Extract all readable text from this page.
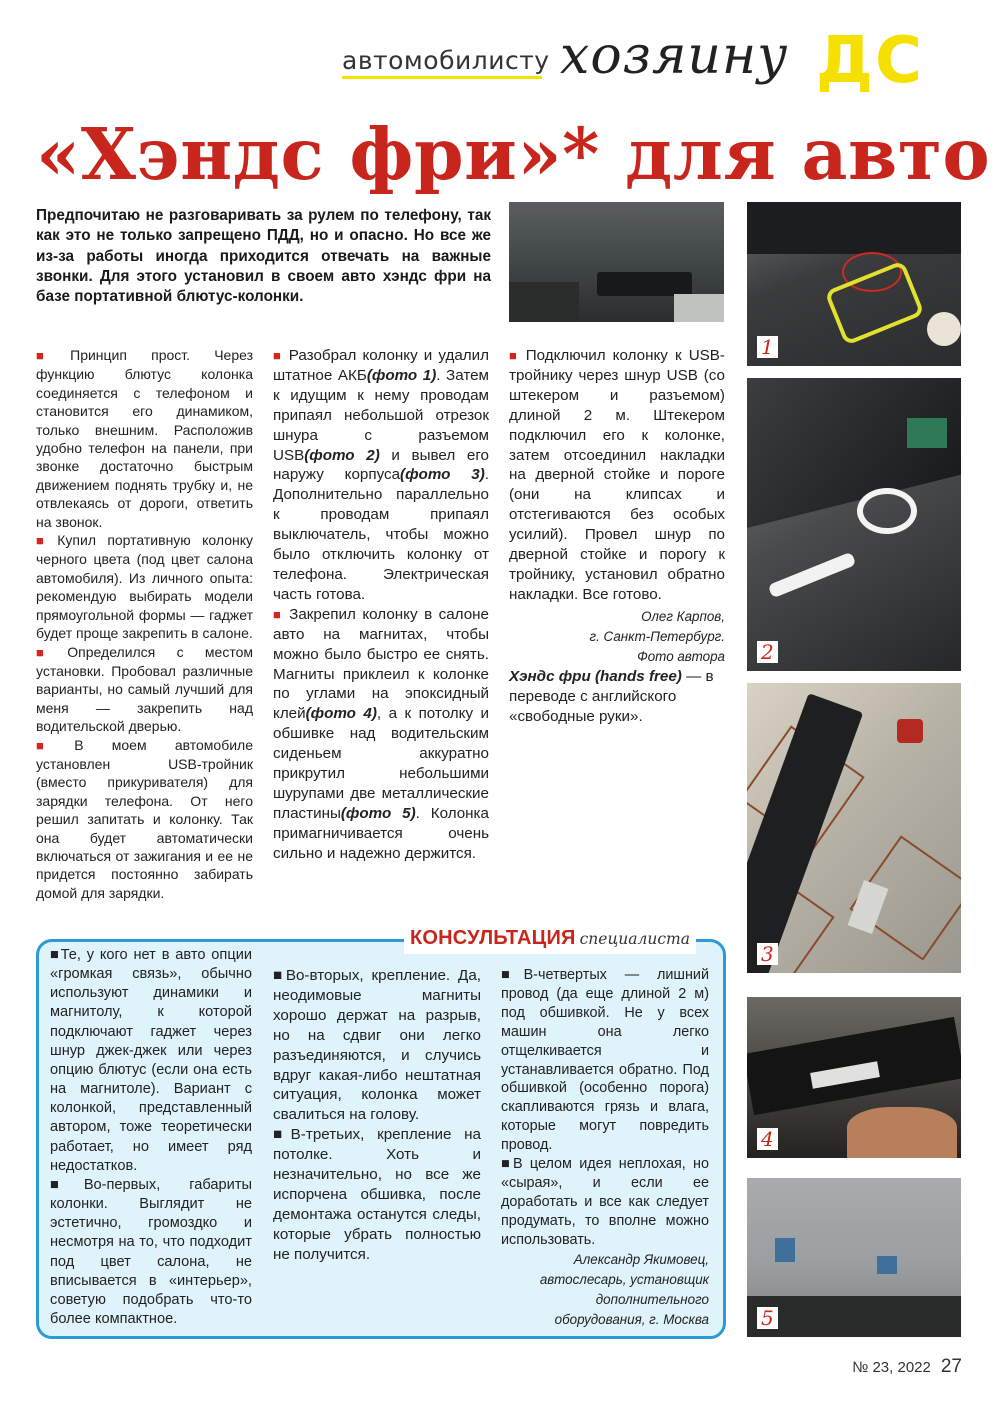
автомобилисту хозяину ДС
«Хэндс фри»* для авто
Предпочитаю не разговаривать за рулем по телефону, так как это не только запрещено ПДД, но и опасно. Но все же из-за работы иногда приходится отвечать на важные звонки. Для этого установил в своем авто хэндс фри на базе портативной блютус-колонки.
1
2
3
4
5

■ Принцип прост. Через функцию блютус колонка соединяется с телефоном и становится его динамиком, только внешним. Расположив удобно телефон на панели, при звонке достаточно быстрым движением поднять трубку и, не отвлекаясь от дороги, ответить на звонок.

■ Купил портативную колонку черного цвета (под цвет салона автомобиля). Из личного опыта: рекомендую выбирать модели прямоугольной формы — гаджет будет проще закрепить в салоне.

■ Определился с местом установки. Пробовал различные варианты, но самый лучший для меня — закрепить над водительской дверью.

■ В моем автомобиле установлен USB-тройник (вместо прикуривателя) для зарядки телефона. От него решил запитать и колонку. Так она будет автоматически включаться от зажигания и ее не придется постоянно забирать домой для зарядки.

■ Разобрал колонку и удалил штатное АКБ(фото 1). Затем к идущим к нему проводам припаял небольшой отрезок шнура с разъемом USB(фото 2) и вывел его наружу корпуса(фото 3). Дополнительно параллельно к проводам припаял выключатель, чтобы можно было отключить колонку от телефона. Электрическая часть готова.

■ Закрепил колонку в салоне авто на магнитах, чтобы можно было быстро ее снять. Магниты приклеил к колонке по углами на эпоксидный клей(фото 4), а к потолку и обшивке над водительским сиденьем аккуратно прикрутил небольшими шурупами две металлические пластины(фото 5). Колонка примагничивается очень сильно и надежно держится.

■ Подключил колонку к USB-тройнику через шнур USB (со штекером и разъемом) длиной 2 м. Штекером подключил его к колонке, затем отсоединил накладки на дверной стойке и пороге (они на клипсах и отстегиваются без особых усилий). Провел шнур по дверной стойке и порогу к тройнику, установил обратно накладки. Все готово.

Олег Карпов,
г. Санкт-Петербург.
Фото автора

Хэндс фри (hands free) — в переводе с английского «свободные руки».

КОНСУЛЬТАЦИЯ специалиста

■Те, у кого нет в авто опции «громкая связь», обычно используют динамики и магнитолу, к которой подключают гаджет через шнур джек-джек или через опцию блютус (если она есть на магнитоле). Вариант с колонкой, представленный автором, тоже теоретически работает, но имеет ряд недостатков.

■Во-первых, габариты колонки. Выглядит не эстетично, громоздко и несмотря на то, что подходит под цвет салона, не вписывается в «интерьер», советую подобрать что-то более компактное.

■Во-вторых, крепление. Да, неодимовые магниты хорошо держат на разрыв, но на сдвиг они легко разъединяются, и случись вдруг какая-либо нештатная ситуация, колонка может свалиться на голову.

■В-третьих, крепление на потолке. Хоть и незначительно, но все же испорчена обшивка, после демонтажа останутся следы, которые убрать полностью не получится.

■В-четвертых — лишний провод (да еще длиной 2 м) под обшивкой. Не у всех машин она легко отщелкивается и устанавливается обратно. Под обшивкой (особенно порога) скапливаются грязь и влага, которые могут повредить провод.

■В целом идея неплохая, но «сырая», и если ее доработать и все как следует продумать, то вполне можно использовать.

Александр Якимовец,
автослесарь, установщик
дополнительного
оборудования, г. Москва
№ 23, 2022 27
